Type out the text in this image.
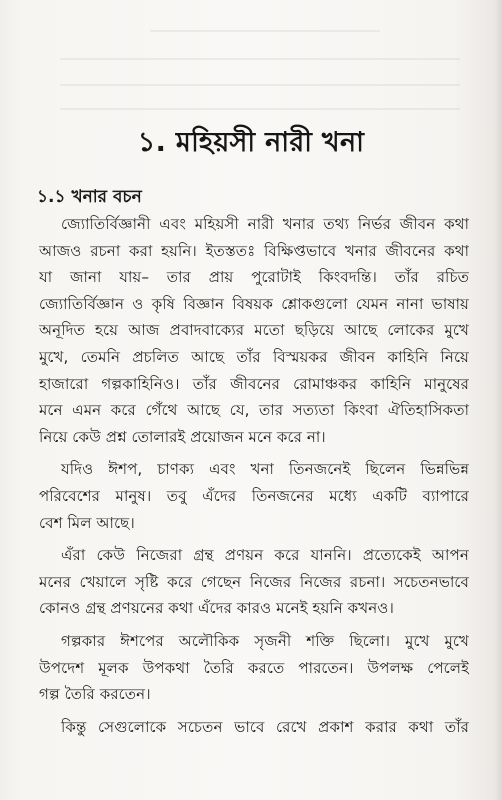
১. মহিয়সী নারী খনা
১.১ খনার বচন
জ্যোতির্বিজ্ঞানী এবং মহিয়সী নারী খনার তথ্য নির্ভর জীবন কথা
আজও রচনা করা হয়নি। ইতস্ততঃ বিক্ষিপ্তভাবে খনার জীবনের কথা
যা জানা যায়– তার প্রায় পুরোটাই কিংবদন্তি। তাঁর রচিত
জ্যোতির্বিজ্ঞান ও কৃষি বিজ্ঞান বিষয়ক শ্লোকগুলো যেমন নানা ভাষায়
অনূদিত হয়ে আজ প্রবাদবাক্যের মতো ছড়িয়ে আছে লোকের মুখে
মুখে, তেমনি প্রচলিত আছে তাঁর বিস্ময়কর জীবন কাহিনি নিয়ে
হাজারো গল্পকাহিনিও। তাঁর জীবনের রোমাঞ্চকর কাহিনি মানুষের
মনে এমন করে গেঁথে আছে যে, তার সত্যতা কিংবা ঐতিহাসিকতা
নিয়ে কেউ প্রশ্ন তোলারই প্রয়োজন মনে করে না।
যদিও ঈশপ, চাণক্য এবং খনা তিনজনেই ছিলেন ভিন্নভিন্ন
পরিবেশের মানুষ। তবু এঁদের তিনজনের মধ্যে একটি ব্যাপারে
বেশ মিল আছে।
এঁরা কেউ নিজেরা গ্রন্থ প্রণয়ন করে যাননি। প্রত্যেকেই আপন
মনের খেয়ালে সৃষ্টি করে গেছেন নিজের নিজের রচনা। সচেতনভাবে
কোনও গ্রন্থ প্রণয়নের কথা এঁদের কারও মনেই হয়নি কখনও।
গল্পকার ঈশপের অলৌকিক সৃজনী শক্তি ছিলো। মুখে মুখে
উপদেশ মূলক উপকথা তৈরি করতে পারতেন। উপলক্ষ পেলেই
গল্প তৈরি করতেন।
কিন্তু সেগুলোকে সচেতন ভাবে রেখে প্রকাশ করার কথা তাঁর
